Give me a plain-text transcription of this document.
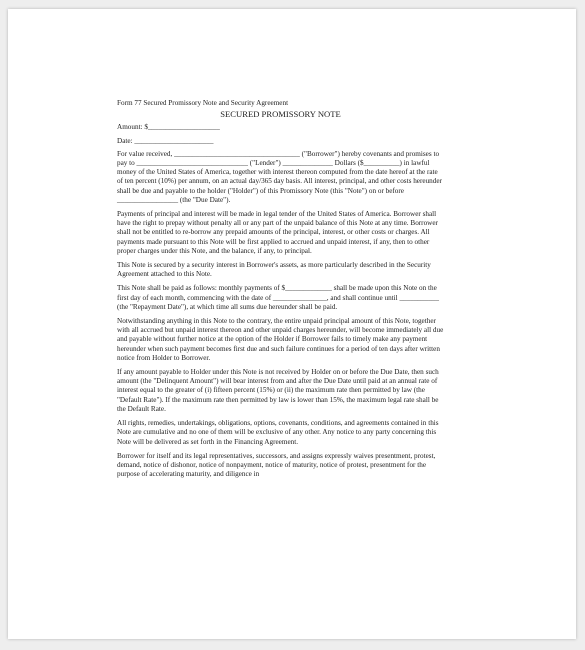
Form 77 Secured Promissory Note and Security Agreement
SECURED PROMISSORY NOTE
Amount: $____________________
Date: ______________________

For value received, ___________________________________ ("Borrower") hereby covenants and promises to pay to _______________________________ ("Lender") ______________ Dollars ($__________) in lawful money of the United States of America, together with interest thereon computed from the date hereof at the rate of ten percent (10%) per annum, on an actual day/365 day basis. All interest, principal, and other costs hereunder shall be due and payable to the holder ("Holder") of this Promissory Note (this "Note") on or before _________________ (the "Due Date").

Payments of principal and interest will be made in legal tender of the United States of America. Borrower shall have the right to prepay without penalty all or any part of the unpaid balance of this Note at any time. Borrower shall not be entitled to re-borrow any prepaid amounts of the principal, interest, or other costs or charges. All payments made pursuant to this Note will be first applied to accrued and unpaid interest, if any, then to other proper charges under this Note, and the balance, if any, to principal.

This Note is secured by a security interest in Borrower's assets, as more particularly described in the Security Agreement attached to this Note.

This Note shall be paid as follows: monthly payments of $_____________ shall be made upon this Note on the first day of each month, commencing with the date of _______________, and shall continue until ___________ (the "Repayment Date"), at which time all sums due hereunder shall be paid.

Notwithstanding anything in this Note to the contrary, the entire unpaid principal amount of this Note, together with all accrued but unpaid interest thereon and other unpaid charges hereunder, will become immediately all due and payable without further notice at the option of the Holder if Borrower fails to timely make any payment hereunder when such payment becomes first due and such failure continues for a period of ten days after written notice from Holder to Borrower.

If any amount payable to Holder under this Note is not received by Holder on or before the Due Date, then such amount (the "Delinquent Amount") will bear interest from and after the Due Date until paid at an annual rate of interest equal to the greater of (i) fifteen percent (15%) or (ii) the maximum rate then permitted by law (the "Default Rate"). If the maximum rate then permitted by law is lower than 15%, the maximum legal rate shall be the Default Rate.

All rights, remedies, undertakings, obligations, options, covenants, conditions, and agreements contained in this Note are cumulative and no one of them will be exclusive of any other. Any notice to any party concerning this Note will be delivered as set forth in the Financing Agreement.

Borrower for itself and its legal representatives, successors, and assigns expressly waives presentment, protest, demand, notice of dishonor, notice of nonpayment, notice of maturity, notice of protest, presentment for the purpose of accelerating maturity, and diligence in
